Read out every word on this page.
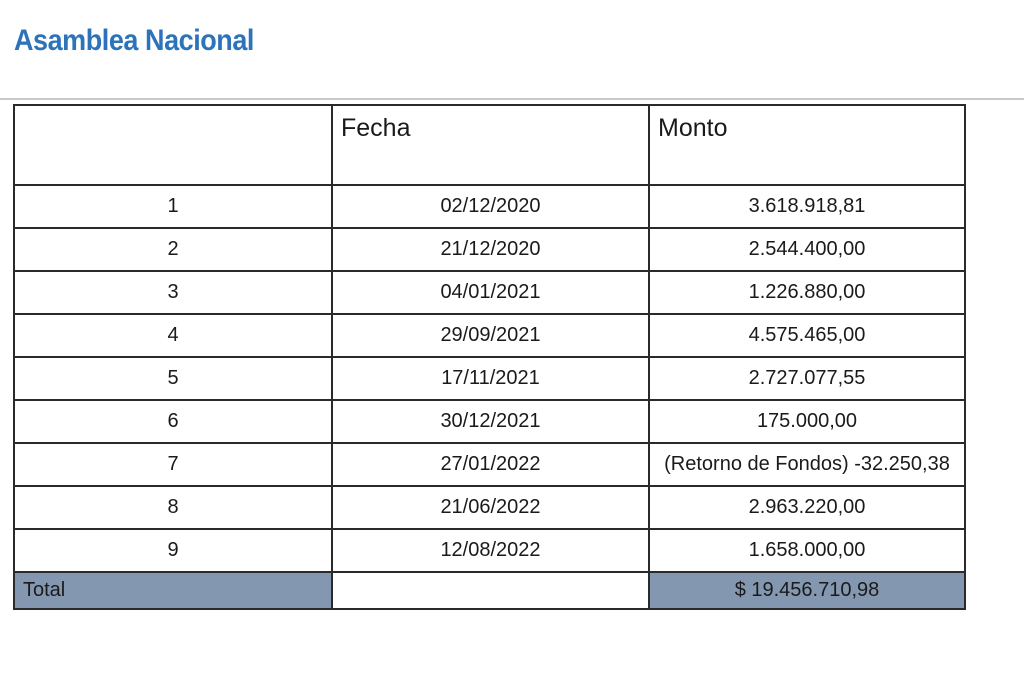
Asamblea Nacional
	Fecha	Monto
1	02/12/2020	3.618.918,81
2	21/12/2020	2.544.400,00
3	04/01/2021	1.226.880,00
4	29/09/2021	4.575.465,00
5	17/11/2021	2.727.077,55
6	30/12/2021	175.000,00
7	27/01/2022	(Retorno de Fondos) -32.250,38
8	21/06/2022	2.963.220,00
9	12/08/2022	1.658.000,00
Total		$ 19.456.710,98
